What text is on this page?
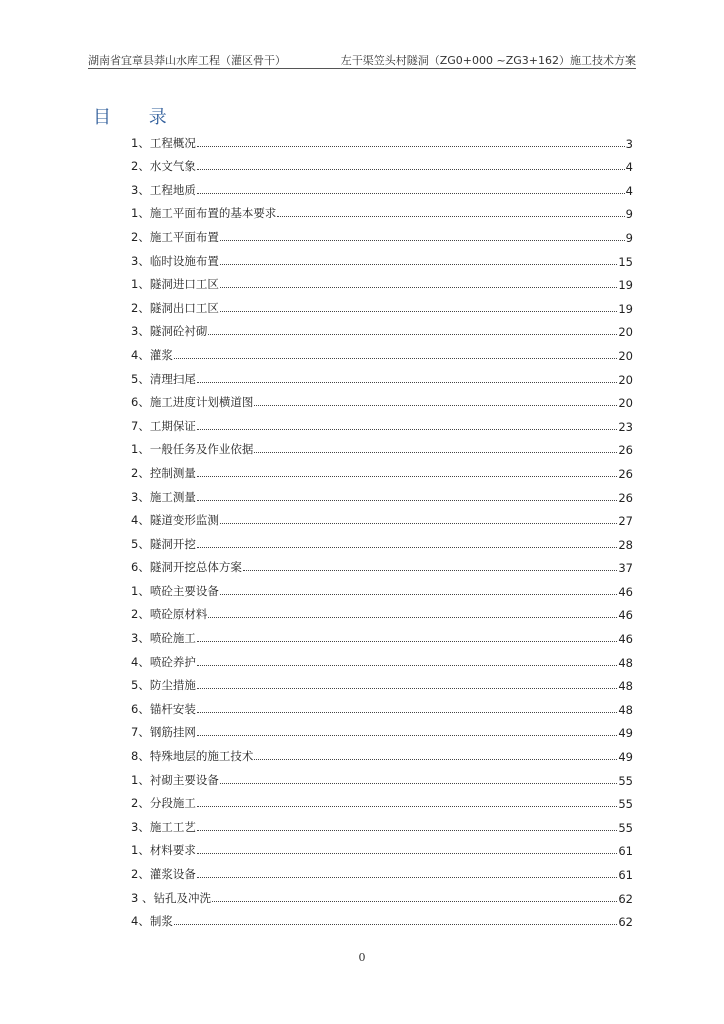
湖南省宜章县莽山水库工程（灌区骨干）	左干渠笠头村隧洞（ZG0+000 ~ZG3+162）施工技术方案
目 录
1、 工程概况	3
2、 水文气象	4
3、 工程地质	4
1、 施工平面布置的基本要求	9
2、 施工平面布置	9
3、 临时设施布置	15
1、 隧洞进口工区	19
2、 隧洞出口工区	19
3、 隧洞砼衬砌	20
4、 灌浆	20
5、 清理扫尾	20
6、 施工进度计划横道图	20
7、 工期保证	23
1、 一般任务及作业依据	26
2、 控制测量	26
3、 施工测量	26
4、 隧道变形监测	27
5、 隧洞开挖	28
6、 隧洞开挖总体方案	37
1、 喷砼主要设备	46
2、 喷砼原材料	46
3、 喷砼施工	46
4、 喷砼养护	48
5、 防尘措施	48
6、 锚杆安装	48
7、 钢筋挂网	49
8、 特殊地层的施工技术	49
1、 衬砌主要设备	55
2、 分段施工	55
3、 施工工艺	55
1、 材料要求	61
2、 灌浆设备	61
3 、 钻孔及冲洗	62
4、 制浆	62
0
